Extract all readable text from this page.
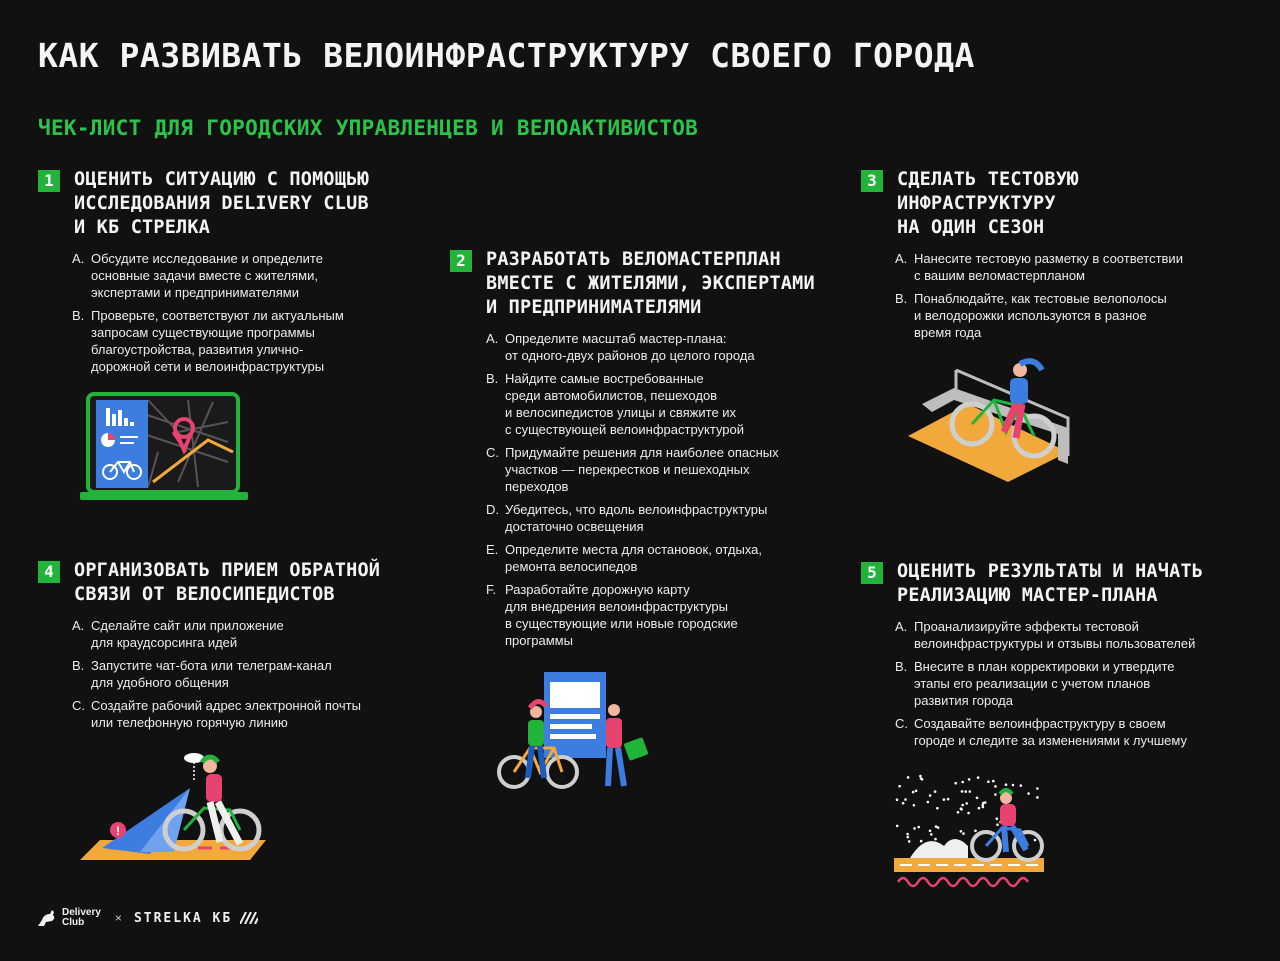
КАК РАЗВИВАТЬ ВЕЛОИНФРАСТРУКТУРУ СВОЕГО ГОРОДА
ЧЕК-ЛИСТ ДЛЯ ГОРОДСКИХ УПРАВЛЕНЦЕВ И ВЕЛОАКТИВИСТОВ
1	ОЦЕНИТЬ СИТУАЦИЮ С ПОМОЩЬЮ
ИССЛЕДОВАНИЯ DELIVERY CLUB
И КБ СТРЕЛКА
A. Обсудите исследование и определите
основные задачи вместе с жителями,
экспертами и предпринимателями
B. Проверьте, соответствуют ли актуальным
запросам существующие программы
благоустройства, развития улично-
дорожной сети и велоинфраструктуры
2	РАЗРАБОТАТЬ ВЕЛОМАСТЕРПЛАН
ВМЕСТЕ С ЖИТЕЛЯМИ, ЭКСПЕРТАМИ
И ПРЕДПРИНИМАТЕЛЯМИ
A. Определите масштаб мастер-плана:
от одного-двух районов до целого города
B. Найдите самые востребованные
среди автомобилистов, пешеходов
и велосипедистов улицы и свяжите их
с существующей велоинфраструктурой
C. Придумайте решения для наиболее опасных
участков — перекрестков и пешеходных
переходов
D. Убедитесь, что вдоль велоинфраструктуры
достаточно освещения
E. Определите места для остановок, отдыха,
ремонта велосипедов
F. Разработайте дорожную карту
для внедрения велоинфраструктуры
в существующие или новые городские
программы
3	СДЕЛАТЬ ТЕСТОВУЮ
ИНФРАСТРУКТУРУ
НА ОДИН СЕЗОН
A. Нанесите тестовую разметку в соответствии
с вашим веломастерпланом
B. Понаблюдайте, как тестовые велополосы
и велодорожки используются в разное
время года
4	ОРГАНИЗОВАТЬ ПРИЕМ ОБРАТНОЙ
СВЯЗИ ОТ ВЕЛОСИПЕДИСТОВ
A. Сделайте сайт или приложение
для краудсорсинга идей
B. Запустите чат-бота или телеграм-канал
для удобного общения
C. Создайте рабочий адрес электронной почты
или телефонную горячую линию
5	ОЦЕНИТЬ РЕЗУЛЬТАТЫ И НАЧАТЬ
РЕАЛИЗАЦИЮ МАСТЕР-ПЛАНА
A. Проанализируйте эффекты тестовой
велоинфраструктуры и отзывы пользователей
B. Внесите в план корректировки и утвердите
этапы его реализации с учетом планов
развития города
C. Создавайте велоинфраструктуру в своем
городе и следите за изменениями к лучшему
!
Delivery
Club	× STRELKA КБ
